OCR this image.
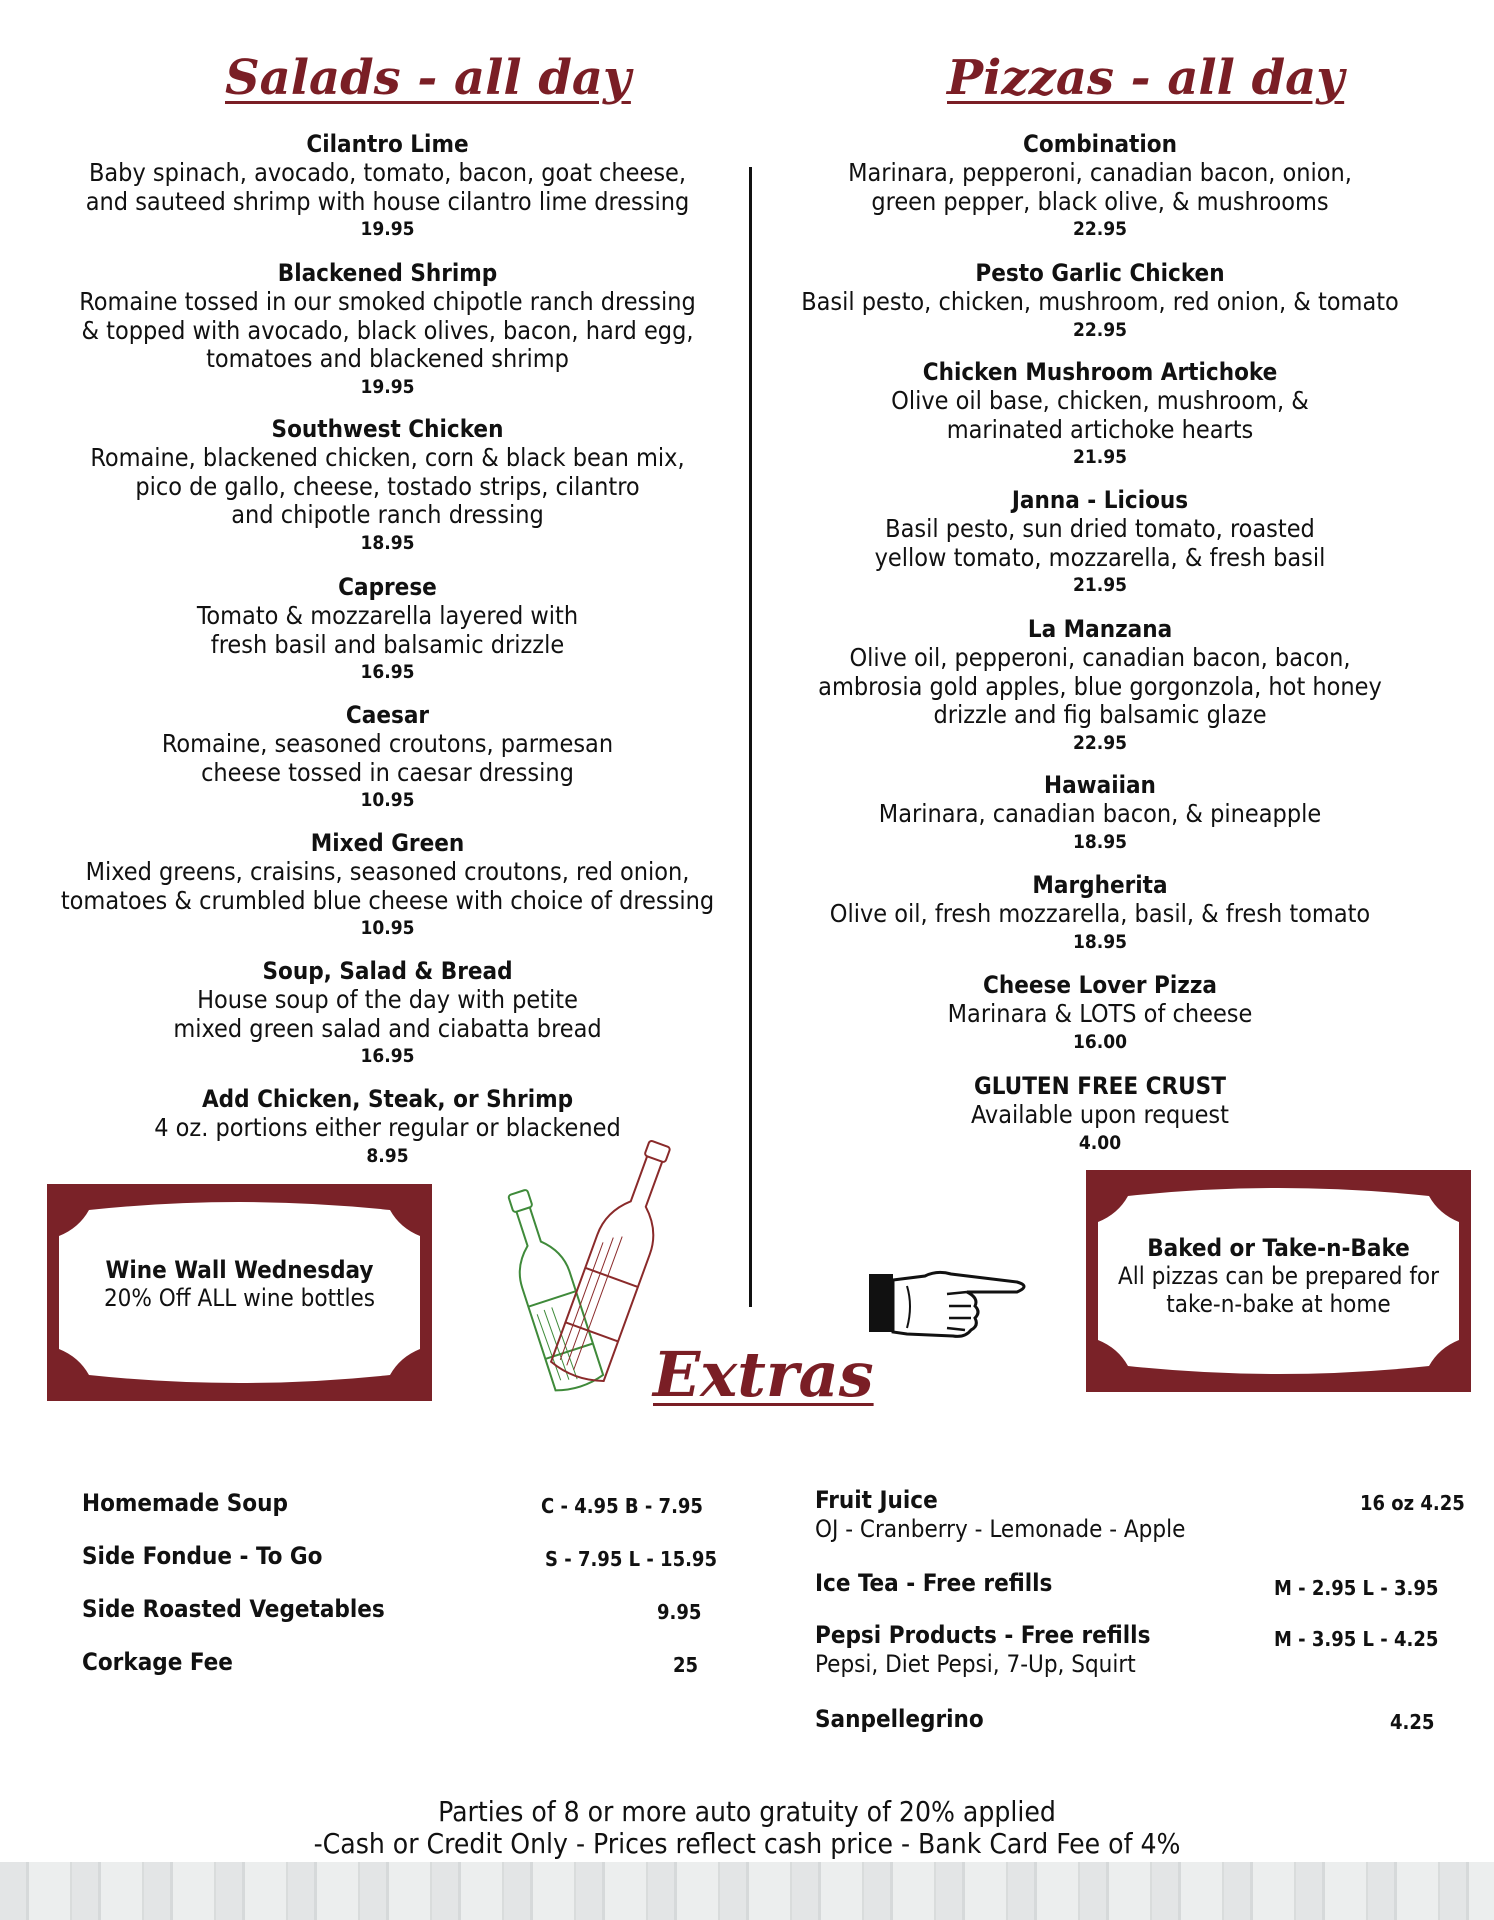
Salads - all day
Cilantro Lime
Baby spinach, avocado, tomato, bacon, goat cheese,
and sauteed shrimp with house cilantro lime dressing
19.95
Blackened Shrimp
Romaine tossed in our smoked chipotle ranch dressing
& topped with avocado, black olives, bacon, hard egg,
tomatoes and blackened shrimp
19.95
Southwest Chicken
Romaine, blackened chicken, corn & black bean mix,
pico de gallo, cheese, tostado strips, cilantro
and chipotle ranch dressing
18.95
Caprese
Tomato & mozzarella layered with
fresh basil and balsamic drizzle
16.95
Caesar
Romaine, seasoned croutons, parmesan
cheese tossed in caesar dressing
10.95
Mixed Green
Mixed greens, craisins, seasoned croutons, red onion,
tomatoes & crumbled blue cheese with choice of dressing
10.95
Soup, Salad & Bread
House soup of the day with petite
mixed green salad and ciabatta bread
16.95
Add Chicken, Steak, or Shrimp
4 oz. portions either regular or blackened
8.95
Pizzas - all day
Combination
Marinara, pepperoni, canadian bacon, onion,
green pepper, black olive, & mushrooms
22.95
Pesto Garlic Chicken
Basil pesto, chicken, mushroom, red onion, & tomato
22.95
Chicken Mushroom Artichoke
Olive oil base, chicken, mushroom, &
marinated artichoke hearts
21.95
Janna - Licious
Basil pesto, sun dried tomato, roasted
yellow tomato, mozzarella, & fresh basil
21.95
La Manzana
Olive oil, pepperoni, canadian bacon, bacon,
ambrosia gold apples, blue gorgonzola, hot honey
drizzle and fig balsamic glaze
22.95
Hawaiian
Marinara, canadian bacon, & pineapple
18.95
Margherita
Olive oil, fresh mozzarella, basil, & fresh tomato
18.95
Cheese Lover Pizza
Marinara & LOTS of cheese
16.00
GLUTEN FREE CRUST
Available upon request
4.00
Wine Wall Wednesday
20% Off ALL wine bottles
Extras
Baked or Take-n-Bake
All pizzas can be prepared for
take-n-bake at home
Homemade Soup	C - 4.95 B - 7.95
Side Fondue - To Go	S - 7.95 L - 15.95
Side Roasted Vegetables	9.95
Corkage Fee	25
Fruit Juice
OJ - Cranberry - Lemonade - Apple
16 oz 4.25
Ice Tea - Free refills	M - 2.95 L - 3.95
Pepsi Products - Free refills
Pepsi, Diet Pepsi, 7-Up, Squirt
M - 3.95 L - 4.25
Sanpellegrino	4.25
Parties of 8 or more auto gratuity of 20% applied
-Cash or Credit Only - Prices reflect cash price - Bank Card Fee of 4%
